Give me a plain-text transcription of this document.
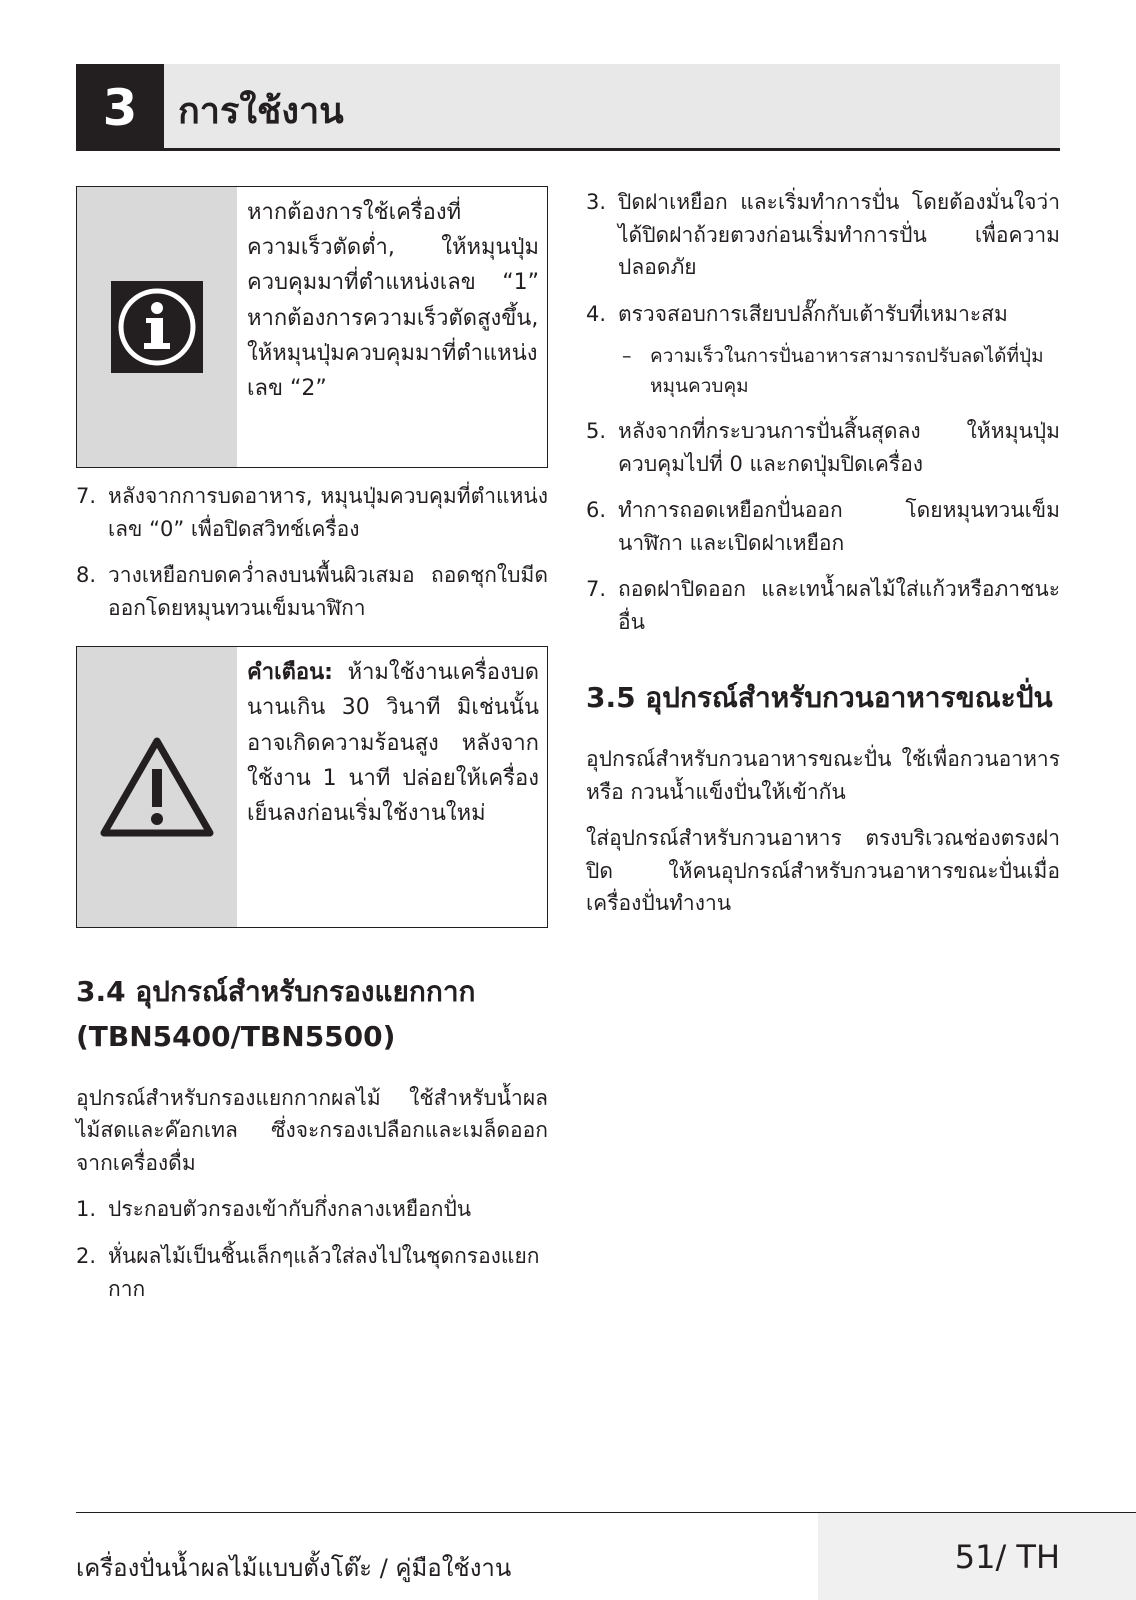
3	การใช้งาน
หากต้องการใช้เครื่องที่ความเร็วตัดต่ำ, ให้หมุนปุ่มควบคุมมาที่ตำแหน่งเลข “1” หากต้องการความเร็วตัดสูงขึ้น, ให้หมุนปุ่มควบคุมมาที่ตำแหน่งเลข “2”
7. หลังจากการบดอาหาร, หมุนปุ่มควบคุมที่ตำแหน่งเลข “0” เพื่อปิดสวิทช์เครื่อง
8. วางเหยือกบดคว่ำลงบนพื้นผิวเสมอ ถอดชุกใบมีดออกโดยหมุนทวนเข็มนาฬิกา
คำเตือน: ห้ามใช้งานเครื่องบดนานเกิน 30 วินาที มิเช่นนั้นอาจเกิดความร้อนสูง หลังจากใช้งาน 1 นาที ปล่อยให้เครื่องเย็นลงก่อนเริ่มใช้งานใหม่
3.4 อุปกรณ์สำหรับกรองแยกกาก (TBN5400/TBN5500)

อุปกรณ์สำหรับกรองแยกกากผลไม้ ใช้สำหรับน้ำผลไม้สดและค๊อกเทล ซึ่งจะกรองเปลือกและเมล็ดออกจากเครื่องดื่ม

1. ประกอบตัวกรองเข้ากับกึ่งกลางเหยือกปั่น
2. หั่นผลไม้เป็นชิ้นเล็กๆแล้วใส่ลงไปในชุดกรองแยกกาก
3. ปิดฝาเหยือก และเริ่มทำการปั่น โดยต้องมั่นใจว่าได้ปิดฝาถ้วยตวงก่อนเริ่มทำการปั่น เพื่อความปลอดภัย
4. ตรวจสอบการเสียบปลั๊กกับเต้ารับที่เหมาะสม
– ความเร็วในการปั่นอาหารสามารถปรับลดได้ที่ปุ่มหมุนควบคุม
5. หลังจากที่กระบวนการปั่นสิ้นสุดลง ให้หมุนปุ่มควบคุมไปที่ 0 และกดปุ่มปิดเครื่อง
6. ทำการถอดเหยือกปั่นออก โดยหมุนทวนเข็มนาฬิกา และเปิดฝาเหยือก
7. ถอดฝาปิดออก และเทน้ำผลไม้ใส่แก้วหรือภาชนะอื่น
3.5 อุปกรณ์สำหรับกวนอาหารขณะปั่น

อุปกรณ์สำหรับกวนอาหารขณะปั่น ใช้เพื่อกวนอาหาร หรือ กวนน้ำแข็งปั่นให้เข้ากัน

ใส่อุปกรณ์สำหรับกวนอาหาร ตรงบริเวณช่องตรงฝาปิด ให้คนอุปกรณ์สำหรับกวนอาหารขณะปั่นเมื่อเครื่องปั่นทำงาน

เครื่องปั่นน้ำผลไม้แบบตั้งโต๊ะ / คู่มือใช้งาน	51/ TH
